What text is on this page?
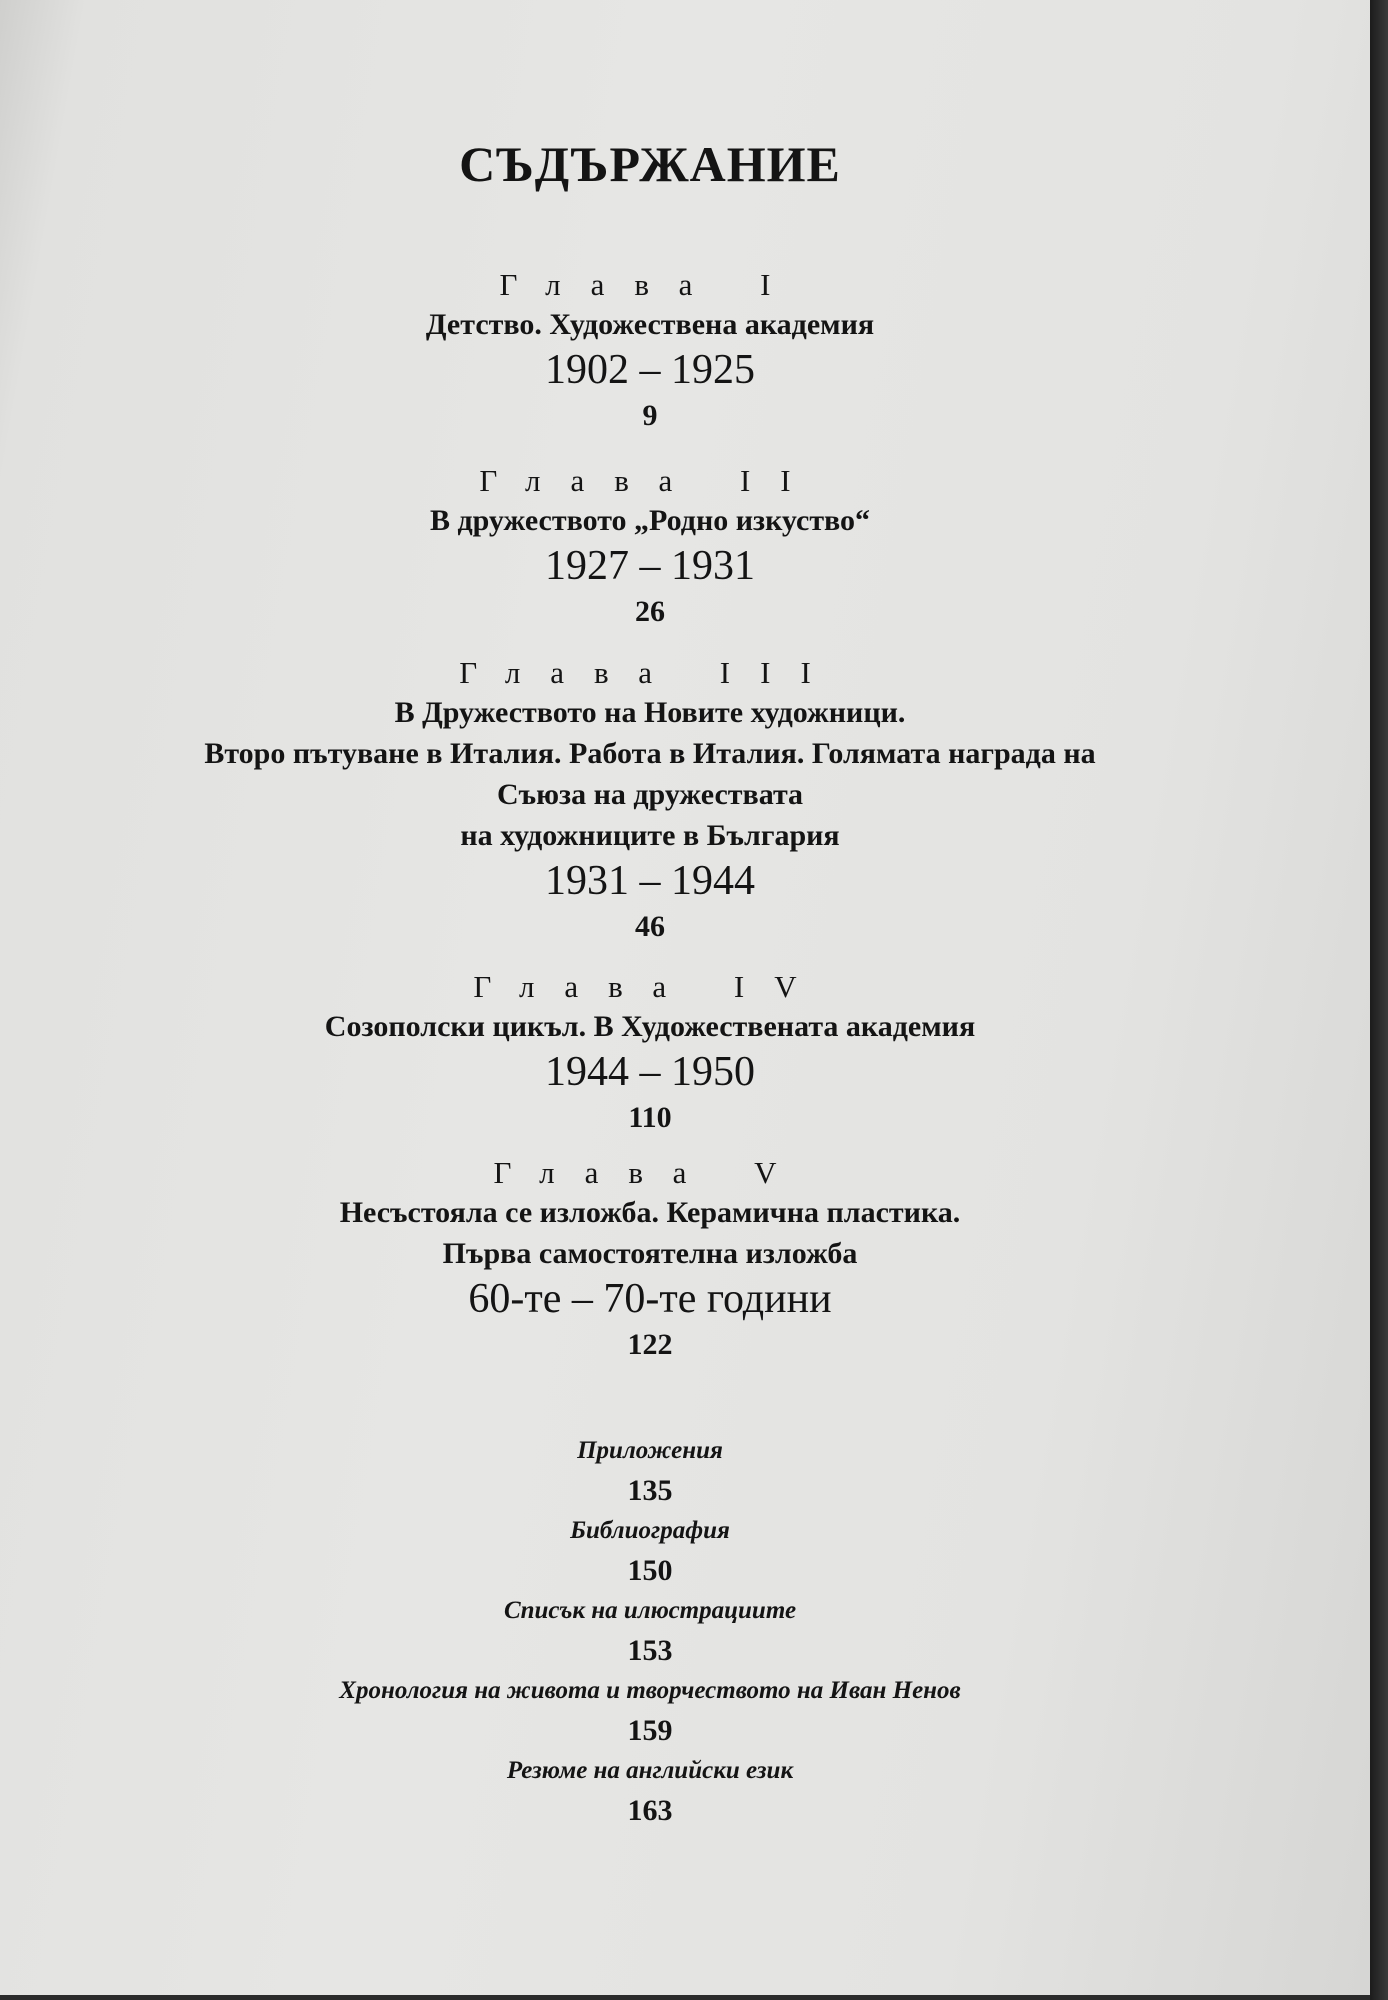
СЪДЪРЖАНИЕ
Глава I
Детство. Художествена академия
1902 – 1925
9
Глава II
В дружеството „Родно изкуство“
1927 – 1931
26
Глава III
В Дружеството на Новите художници.
Второ пътуване в Италия. Работа в Италия. Голямата награда на
Съюза на дружествата
на художниците в България
1931 – 1944
46
Глава IV
Созополски цикъл. В Художествената академия
1944 – 1950
110
Глава V
Несъстояла се изложба. Керамична пластика.
Първа самостоятелна изложба
60-те – 70-те години
122
Приложения
135
Библиография
150
Списък на илюстрациите
153
Хронология на живота и творчеството на Иван Ненов
159
Резюме на английски език
163
